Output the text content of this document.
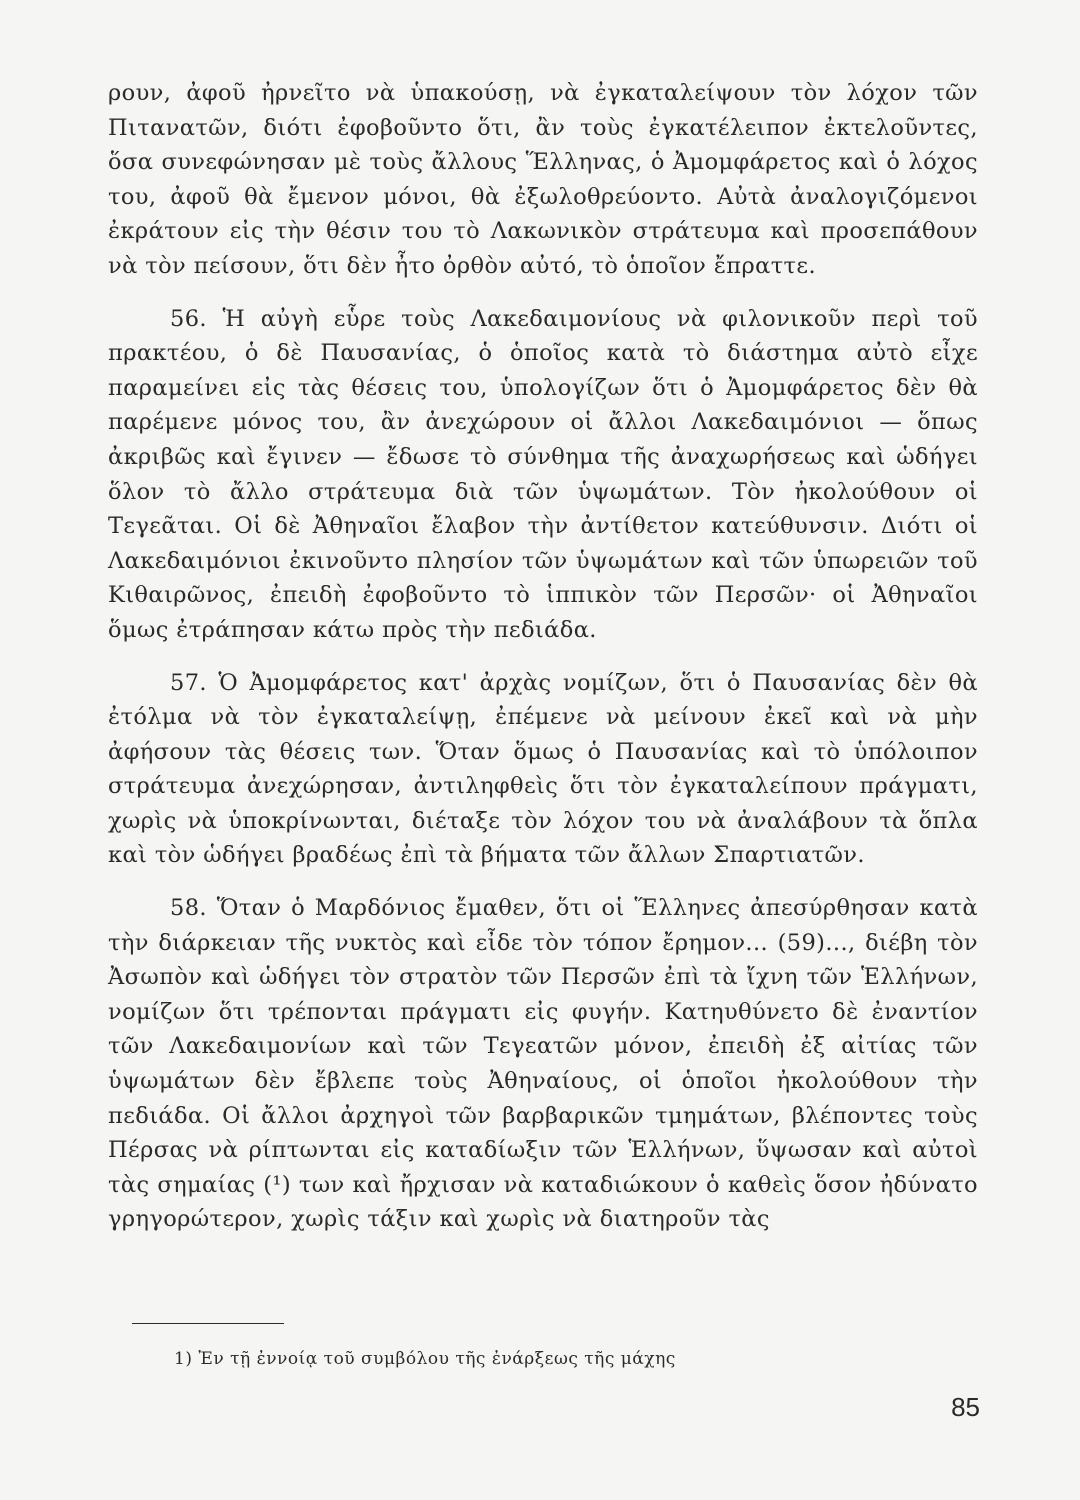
ρουν, ἀφοῦ ἠρνεῖτο νὰ ὑπακούσῃ, νὰ ἐγκαταλείψουν τὸν λόχον τῶν Πιτανατῶν, διότι ἐφοβοῦντο ὅτι, ἂν τοὺς ἐγκατέλειπον ἐκτελοῦντες, ὅσα συνεφώνησαν μὲ τοὺς ἄλλους Ἕλληνας, ὁ Ἀμομφάρετος καὶ ὁ λόχος του, ἀφοῦ θὰ ἔμενον μόνοι, θὰ ἐξωλοθρεύοντο. Αὐτὰ ἀναλογιζόμενοι ἐκράτουν εἰς τὴν θέσιν του τὸ Λακωνικὸν στράτευμα καὶ προσεπάθουν νὰ τὸν πείσουν, ὅτι δὲν ἦτο ὀρθὸν αὐτό, τὸ ὁποῖον ἔπραττε.

56. Ἡ αὐγὴ εὗρε τοὺς Λακεδαιμονίους νὰ φιλονικοῦν περὶ τοῦ πρακτέου, ὁ δὲ Παυσανίας, ὁ ὁποῖος κατὰ τὸ διάστημα αὐτὸ εἶχε παραμείνει εἰς τὰς θέσεις του, ὑπολογίζων ὅτι ὁ Ἀμομφάρετος δὲν θὰ παρέμενε μόνος του, ἂν ἀνεχώρουν οἱ ἄλλοι Λακεδαιμόνιοι — ὅπως ἀκριβῶς καὶ ἔγινεν — ἔδωσε τὸ σύνθημα τῆς ἀναχωρήσεως καὶ ὡδήγει ὅλον τὸ ἄλλο στράτευμα διὰ τῶν ὑψωμάτων. Τὸν ἠκολούθουν οἱ Τεγεᾶται. Οἱ δὲ Ἀθηναῖοι ἔλαβον τὴν ἀντίθετον κατεύθυνσιν. Διότι οἱ Λακεδαιμόνιοι ἐκινοῦντο πλησίον τῶν ὑψωμάτων καὶ τῶν ὑπωρειῶν τοῦ Κιθαιρῶνος, ἐπειδὴ ἐφοβοῦντο τὸ ἱππικὸν τῶν Περσῶν· οἱ Ἀθηναῖοι ὅμως ἐτράπησαν κάτω πρὸς τὴν πεδιάδα.

57. Ὁ Ἀμομφάρετος κατ' ἀρχὰς νομίζων, ὅτι ὁ Παυσανίας δὲν θὰ ἐτόλμα νὰ τὸν ἐγκαταλείψῃ, ἐπέμενε νὰ μείνουν ἐκεῖ καὶ νὰ μὴν ἀφήσουν τὰς θέσεις των. Ὅταν ὅμως ὁ Παυσανίας καὶ τὸ ὑπόλοιπον στράτευμα ἀνεχώρησαν, ἀντιληφθεὶς ὅτι τὸν ἐγκαταλείπουν πράγματι, χωρὶς νὰ ὑποκρίνωνται, διέταξε τὸν λόχον του νὰ ἀναλάβουν τὰ ὅπλα καὶ τὸν ὡδήγει βραδέως ἐπὶ τὰ βήματα τῶν ἄλλων Σπαρτιατῶν.

58. Ὅταν ὁ Μαρδόνιος ἔμαθεν, ὅτι οἱ Ἕλληνες ἀπεσύρθησαν κατὰ τὴν διάρκειαν τῆς νυκτὸς καὶ εἶδε τὸν τόπον ἔρημον... (59)..., διέβη τὸν Ἀσωπὸν καὶ ὡδήγει τὸν στρατὸν τῶν Περσῶν ἐπὶ τὰ ἴχνη τῶν Ἑλλήνων, νομίζων ὅτι τρέπονται πράγματι εἰς φυγήν. Κατηυθύνετο δὲ ἐναντίον τῶν Λακεδαιμονίων καὶ τῶν Τεγεατῶν μόνον, ἐπειδὴ ἐξ αἰτίας τῶν ὑψωμάτων δὲν ἔβλεπε τοὺς Ἀθηναίους, οἱ ὁποῖοι ἠκολούθουν τὴν πεδιάδα. Οἱ ἄλλοι ἀρχηγοὶ τῶν βαρβαρικῶν τμημάτων, βλέποντες τοὺς Πέρσας νὰ ρίπτωνται εἰς καταδίωξιν τῶν Ἑλλήνων, ὕψωσαν καὶ αὐτοὶ τὰς σημαίας (¹) των καὶ ἤρχισαν νὰ καταδιώκουν ὁ καθεὶς ὅσον ἠδύνατο γρηγορώτερον, χωρὶς τάξιν καὶ χωρὶς νὰ διατηροῦν τὰς

1) Ἐν τῇ ἐννοίᾳ τοῦ συμβόλου τῆς ἐνάρξεως τῆς μάχης
85
